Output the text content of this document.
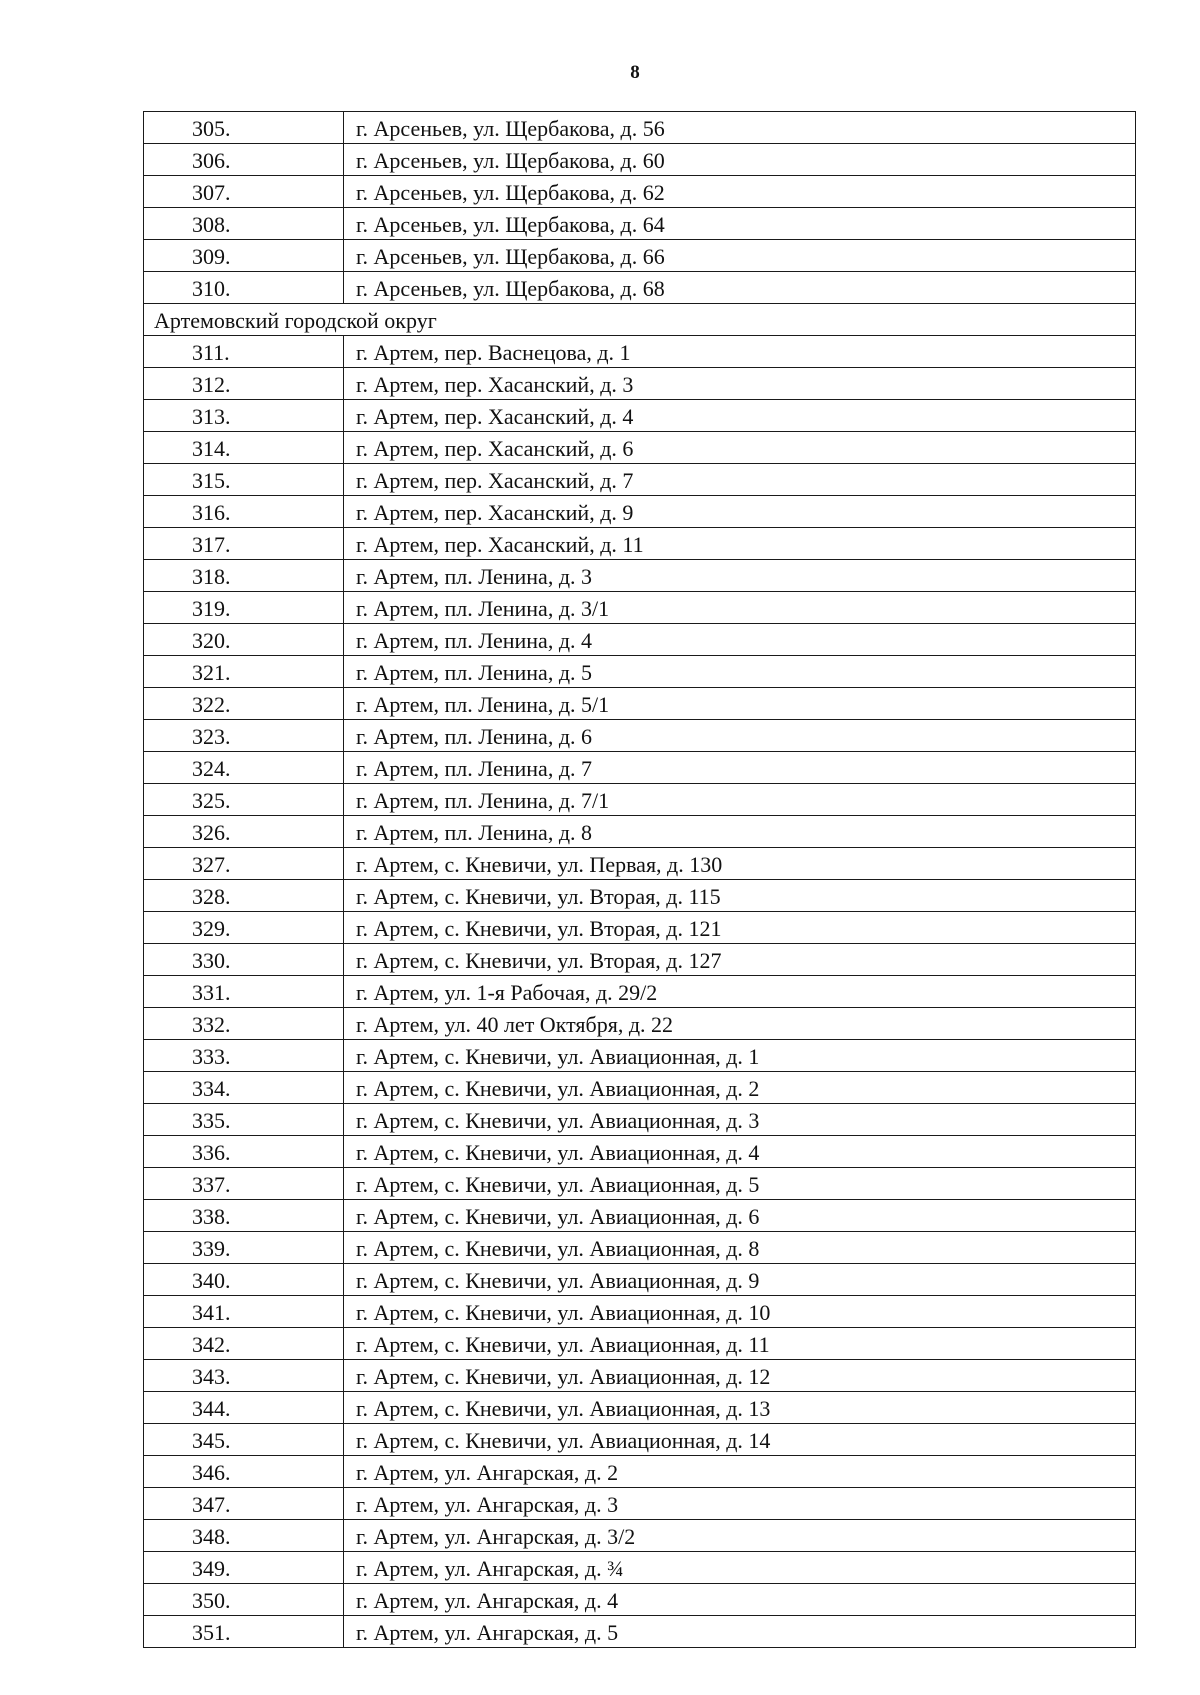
8
305.	г. Арсеньев, ул. Щербакова, д. 56
306.	г. Арсеньев, ул. Щербакова, д. 60
307.	г. Арсеньев, ул. Щербакова, д. 62
308.	г. Арсеньев, ул. Щербакова, д. 64
309.	г. Арсеньев, ул. Щербакова, д. 66
310.	г. Арсеньев, ул. Щербакова, д. 68
Артемовский городской округ	
311.	г. Артем, пер. Васнецова, д. 1
312.	г. Артем, пер. Хасанский, д. 3
313.	г. Артем, пер. Хасанский, д. 4
314.	г. Артем, пер. Хасанский, д. 6
315.	г. Артем, пер. Хасанский, д. 7
316.	г. Артем, пер. Хасанский, д. 9
317.	г. Артем, пер. Хасанский, д. 11
318.	г. Артем, пл. Ленина, д. 3
319.	г. Артем, пл. Ленина, д. 3/1
320.	г. Артем, пл. Ленина, д. 4
321.	г. Артем, пл. Ленина, д. 5
322.	г. Артем, пл. Ленина, д. 5/1
323.	г. Артем, пл. Ленина, д. 6
324.	г. Артем, пл. Ленина, д. 7
325.	г. Артем, пл. Ленина, д. 7/1
326.	г. Артем, пл. Ленина, д. 8
327.	г. Артем, с. Кневичи, ул. Первая, д. 130
328.	г. Артем, с. Кневичи, ул. Вторая, д. 115
329.	г. Артем, с. Кневичи, ул. Вторая, д. 121
330.	г. Артем, с. Кневичи, ул. Вторая, д. 127
331.	г. Артем, ул. 1-я Рабочая, д. 29/2
332.	г. Артем, ул. 40 лет Октября, д. 22
333.	г. Артем, с. Кневичи, ул. Авиационная, д. 1
334.	г. Артем, с. Кневичи, ул. Авиационная, д. 2
335.	г. Артем, с. Кневичи, ул. Авиационная, д. 3
336.	г. Артем, с. Кневичи, ул. Авиационная, д. 4
337.	г. Артем, с. Кневичи, ул. Авиационная, д. 5
338.	г. Артем, с. Кневичи, ул. Авиационная, д. 6
339.	г. Артем, с. Кневичи, ул. Авиационная, д. 8
340.	г. Артем, с. Кневичи, ул. Авиационная, д. 9
341.	г. Артем, с. Кневичи, ул. Авиационная, д. 10
342.	г. Артем, с. Кневичи, ул. Авиационная, д. 11
343.	г. Артем, с. Кневичи, ул. Авиационная, д. 12
344.	г. Артем, с. Кневичи, ул. Авиационная, д. 13
345.	г. Артем, с. Кневичи, ул. Авиационная, д. 14
346.	г. Артем, ул. Ангарская, д. 2
347.	г. Артем, ул. Ангарская, д. 3
348.	г. Артем, ул. Ангарская, д. 3/2
349.	г. Артем, ул. Ангарская, д. ¾
350.	г. Артем, ул. Ангарская, д. 4
351.	г. Артем, ул. Ангарская, д. 5
